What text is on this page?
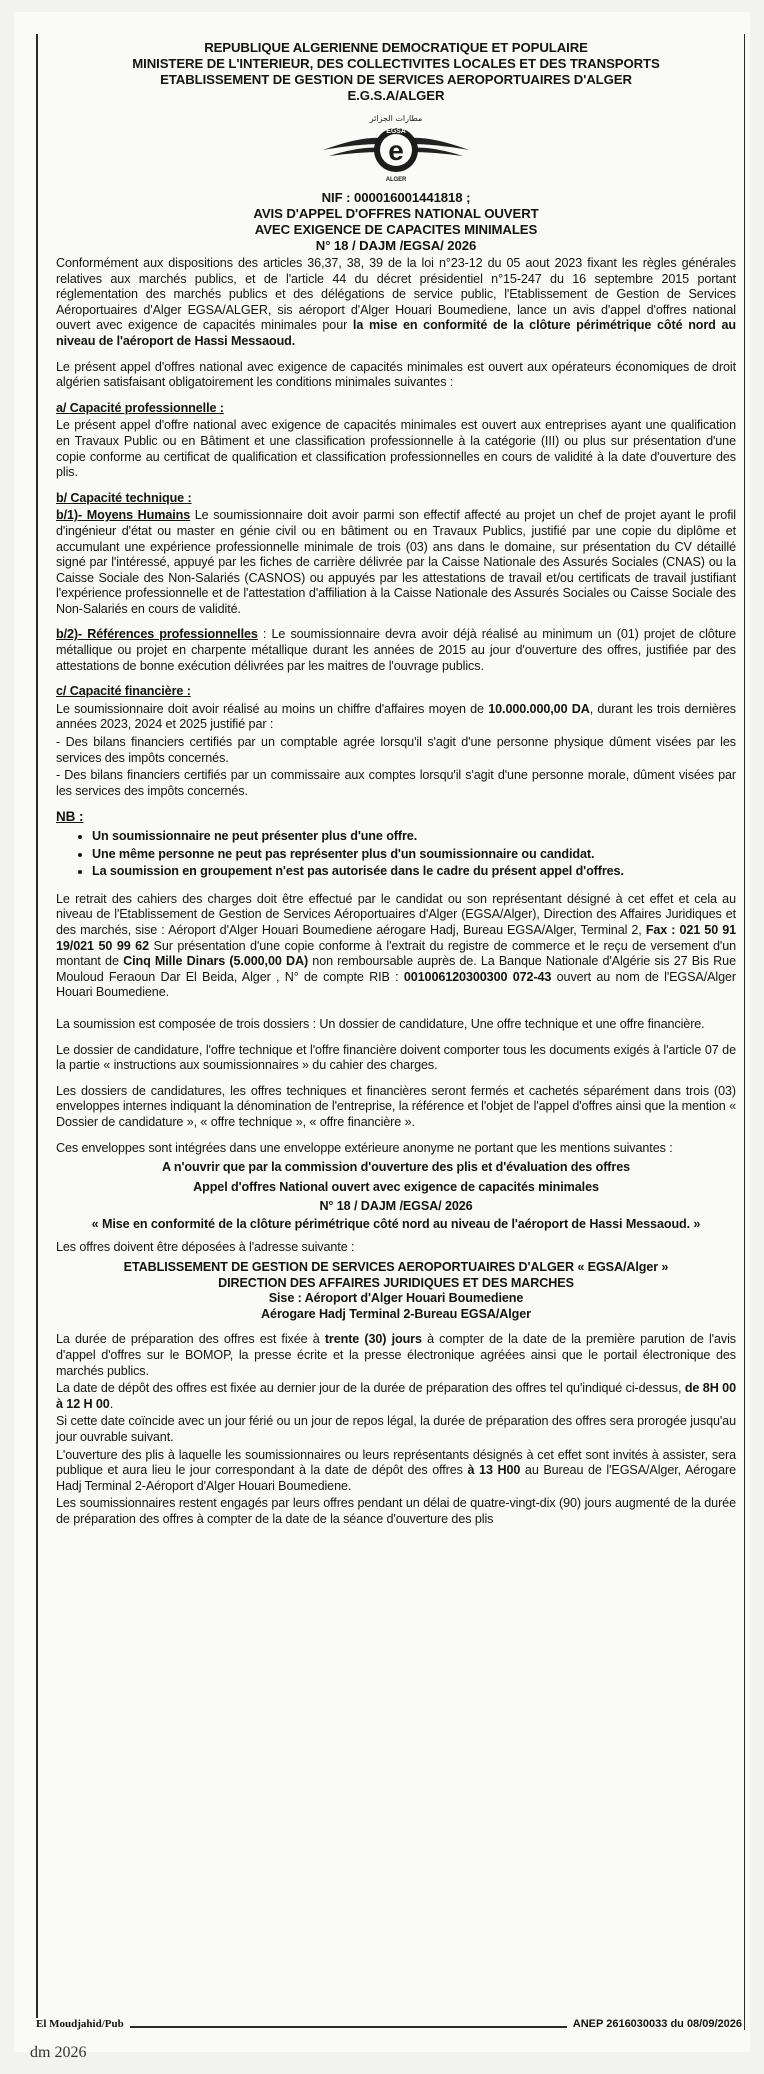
REPUBLIQUE ALGERIENNE DEMOCRATIQUE ET POPULAIRE
MINISTERE DE L'INTERIEUR, DES COLLECTIVITES LOCALES ET DES TRANSPORTS
ETABLISSEMENT DE GESTION DE SERVICES AEROPORTUAIRES D'ALGER
E.G.S.A/ALGER
مطارات الجزائر
EGSA
e
ALGER
NIF : 000016001441818 ;
AVIS D'APPEL D'OFFRES NATIONAL OUVERT
AVEC EXIGENCE DE CAPACITES MINIMALES
N° 18 / DAJM /EGSA/ 2026

Conformément aux dispositions des articles 36,37, 38, 39 de la loi n°23-12 du 05 aout 2023 fixant les règles générales relatives aux marchés publics, et de l'article 44 du décret présidentiel n°15-247 du 16 septembre 2015 portant réglementation des marchés publics et des délégations de service public, l'Etablissement de Gestion de Services Aéroportuaires d'Alger EGSA/ALGER, sis aéroport d'Alger Houari Boumediene, lance un avis d'appel d'offres national ouvert avec exigence de capacités minimales pour la mise en conformité de la clôture périmétrique côté nord au niveau de l'aéroport de Hassi Messaoud.

Le présent appel d'offres national avec exigence de capacités minimales est ouvert aux opérateurs économiques de droit algérien satisfaisant obligatoirement les conditions minimales suivantes :

a/ Capacité professionnelle :

Le présent appel d'offre national avec exigence de capacités minimales est ouvert aux entreprises ayant une qualification en Travaux Public ou en Bâtiment et une classification professionnelle à la catégorie (III) ou plus sur présentation d'une copie conforme au certificat de qualification et classification professionnelles en cours de validité à la date d'ouverture des plis.

b/ Capacité technique :

b/1)- Moyens Humains Le soumissionnaire doit avoir parmi son effectif affecté au projet un chef de projet ayant le profil d'ingénieur d'état ou master en génie civil ou en bâtiment ou en Travaux Publics, justifié par une copie du diplôme et accumulant une expérience professionnelle minimale de trois (03) ans dans le domaine, sur présentation du CV détaillé signé par l'intéressé, appuyé par les fiches de carrière délivrée par la Caisse Nationale des Assurés Sociales (CNAS) ou la Caisse Sociale des Non-Salariés (CASNOS) ou appuyés par les attestations de travail et/ou certificats de travail justifiant l'expérience professionnelle et de l'attestation d'affiliation à la Caisse Nationale des Assurés Sociales ou Caisse Sociale des Non-Salariés en cours de validité.

b/2)- Références professionnelles : Le soumissionnaire devra avoir déjà réalisé au minimum un (01) projet de clôture métallique ou projet en charpente métallique durant les années de 2015 au jour d'ouverture des offres, justifiée par des attestations de bonne exécution délivrées par les maitres de l'ouvrage publics.

c/ Capacité financière :

Le soumissionnaire doit avoir réalisé au moins un chiffre d'affaires moyen de 10.000.000,00 DA, durant les trois dernières années 2023, 2024 et 2025 justifié par :

- Des bilans financiers certifiés par un comptable agrée lorsqu'il s'agit d'une personne physique dûment visées par les services des impôts concernés.

- Des bilans financiers certifiés par un commissaire aux comptes lorsqu'il s'agit d'une personne morale, dûment visées par les services des impôts concernés.

NB :
• Un soumissionnaire ne peut présenter plus d'une offre.
• Une même personne ne peut pas représenter plus d'un soumissionnaire ou candidat.
• La soumission en groupement n'est pas autorisée dans le cadre du présent appel d'offres.

Le retrait des cahiers des charges doit être effectué par le candidat ou son représentant désigné à cet effet et cela au niveau de l'Etablissement de Gestion de Services Aéroportuaires d'Alger (EGSA/Alger), Direction des Affaires Juridiques et des marchés, sise : Aéroport d'Alger Houari Boumediene aérogare Hadj, Bureau EGSA/Alger, Terminal 2, Fax : 021 50 91 19/021 50 99 62 Sur présentation d'une copie conforme à l'extrait du registre de commerce et le reçu de versement d'un montant de Cinq Mille Dinars (5.000,00 DA) non remboursable auprès de. La Banque Nationale d'Algérie sis 27 Bis Rue Mouloud Feraoun Dar El Beida, Alger , N° de compte RIB : 001006120300300 072-43 ouvert au nom de l'EGSA/Alger Houari Boumediene.

La soumission est composée de trois dossiers : Un dossier de candidature, Une offre technique et une offre financière.

Le dossier de candidature, l'offre technique et l'offre financière doivent comporter tous les documents exigés à l'article 07 de la partie « instructions aux soumissionnaires » du cahier des charges.

Les dossiers de candidatures, les offres techniques et financières seront fermés et cachetés séparément dans trois (03) enveloppes internes indiquant la dénomination de l'entreprise, la référence et l'objet de l'appel d'offres ainsi que la mention « Dossier de candidature », « offre technique », « offre financière ».

Ces enveloppes sont intégrées dans une enveloppe extérieure anonyme ne portant que les mentions suivantes :

A n'ouvrir que par la commission d'ouverture des plis et d'évaluation des offres
Appel d'offres National ouvert avec exigence de capacités minimales
N° 18 / DAJM /EGSA/ 2026
« Mise en conformité de la clôture périmétrique côté nord au niveau de l'aéroport de Hassi Messaoud. »

Les offres doivent être déposées à l'adresse suivante :

ETABLISSEMENT DE GESTION DE SERVICES AEROPORTUAIRES D'ALGER « EGSA/Alger »
DIRECTION DES AFFAIRES JURIDIQUES ET DES MARCHES
Sise : Aéroport d'Alger Houari Boumediene
Aérogare Hadj Terminal 2-Bureau EGSA/Alger

La durée de préparation des offres est fixée à trente (30) jours à compter de la date de la première parution de l'avis d'appel d'offres sur le BOMOP, la presse écrite et la presse électronique agréées ainsi que le portail électronique des marchés publics.

La date de dépôt des offres est fixée au dernier jour de la durée de préparation des offres tel qu'indiqué ci-dessus, de 8H 00 à 12 H 00.

Si cette date coïncide avec un jour férié ou un jour de repos légal, la durée de préparation des offres sera prorogée jusqu'au jour ouvrable suivant.

L'ouverture des plis à laquelle les soumissionnaires ou leurs représentants désignés à cet effet sont invités à assister, sera publique et aura lieu le jour correspondant à la date de dépôt des offres à 13 H00 au Bureau de l'EGSA/Alger, Aérogare Hadj Terminal 2-Aéroport d'Alger Houari Boumediene.

Les soumissionnaires restent engagés par leurs offres pendant un délai de quatre-vingt-dix (90) jours augmenté de la durée de préparation des offres à compter de la date de la séance d'ouverture des plis

El Moudjahid/Pub	ANEP 2616030033 du 08/09/2026
dm 2026
